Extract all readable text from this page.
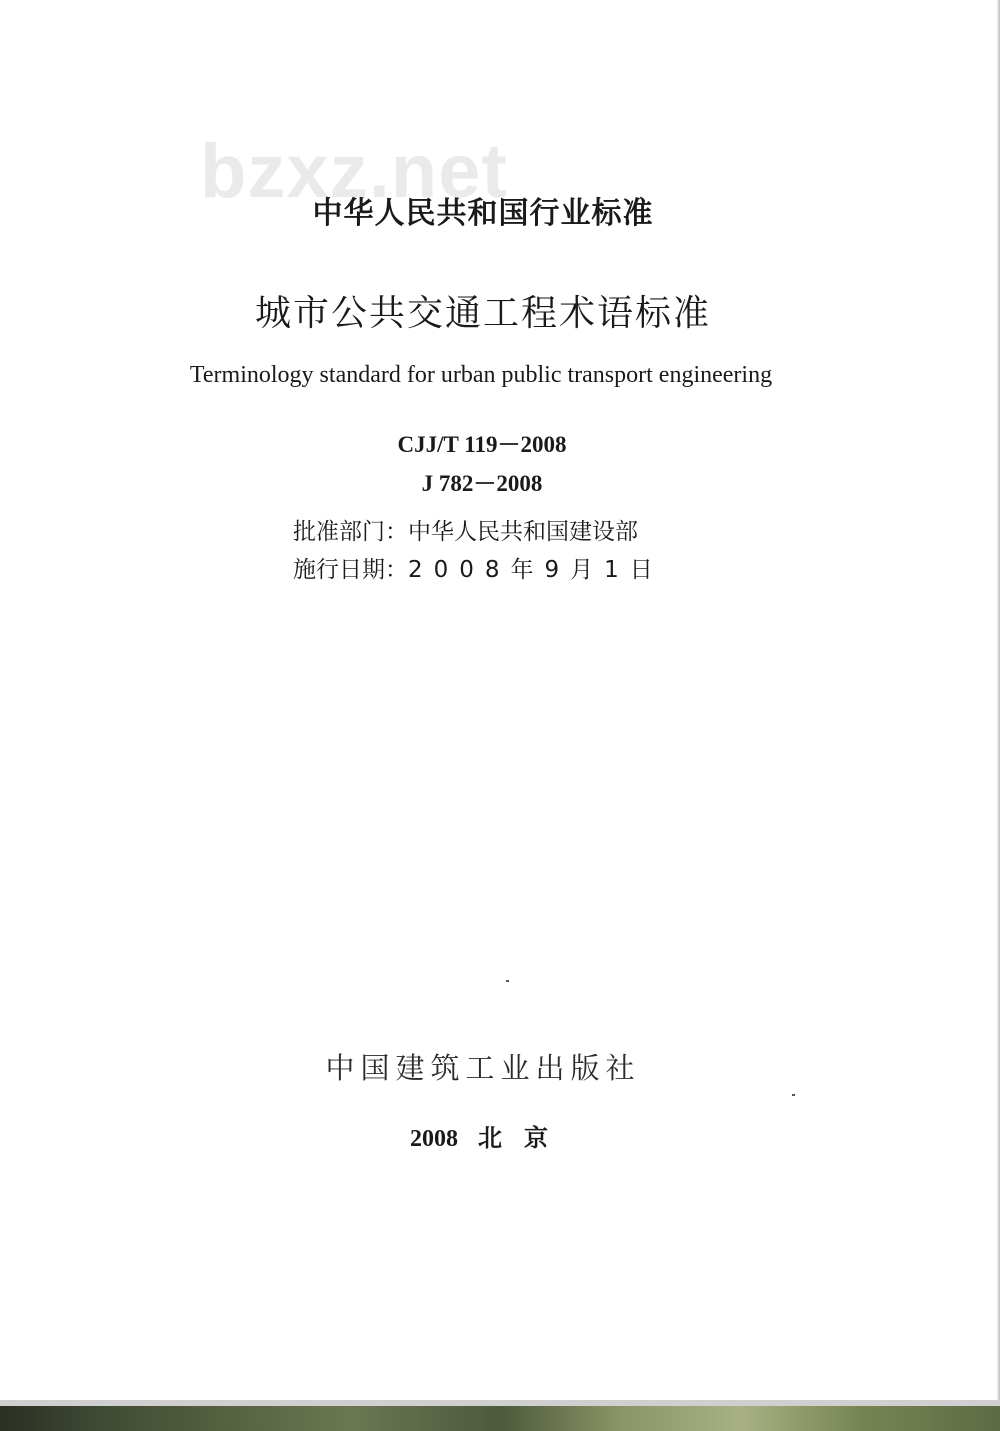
bzxz.net
中华人民共和国行业标准
城市公共交通工程术语标准
Terminology standard for urban public transport engineering
CJJ/T 119－2008
J 782－2008
批准部门：中华人民共和国建设部
施行日期：2008年9月1日
中国建筑工业出版社
2008 北京
